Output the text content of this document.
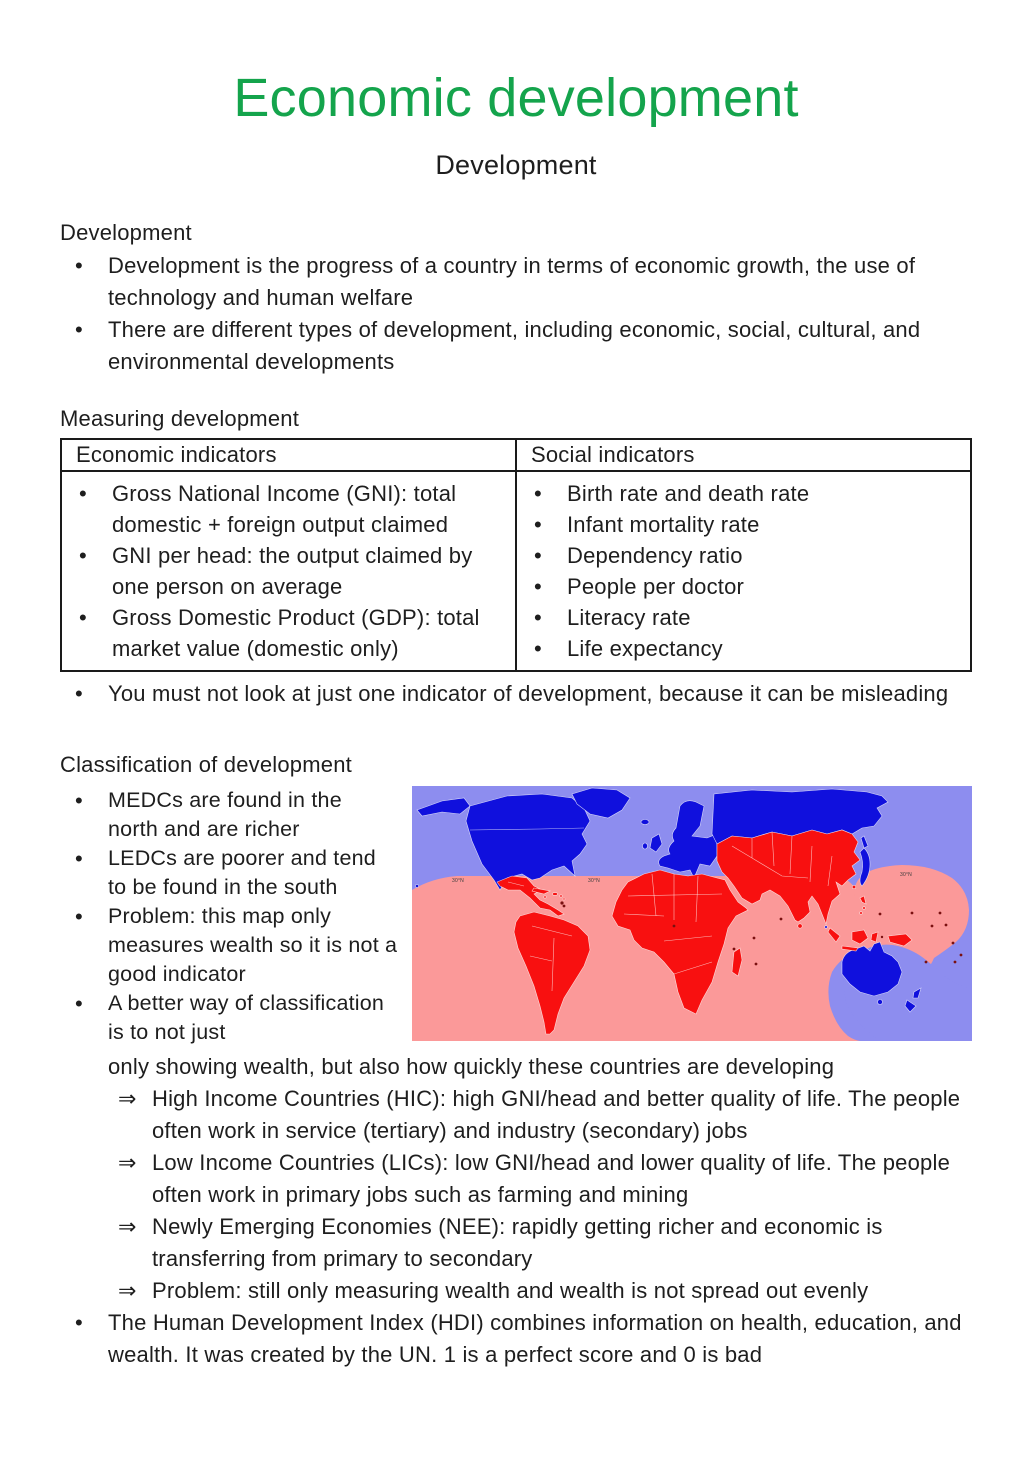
Economic development
Development
Development
• Development is the progress of a country in terms of economic growth, the use of technology and human welfare
• There are different types of development, including economic, social, cultural, and environmental developments
Measuring development
Economic indicators	Social indicators

• Gross National Income (GNI): total domestic + foreign output claimed
• GNI per head: the output claimed by one person on average
• Gross Domestic Product (GDP): total market value (domestic only)

• Birth rate and death rate
• Infant mortality rate
• Dependency ratio
• People per doctor
• Literacy rate
• Life expectancy
• You must not look at just one indicator of development, because it can be misleading
Classification of development
• MEDCs are found in the north and are richer
• LEDCs are poorer and tend to be found in the south
• Problem: this map only measures wealth so it is not a good indicator
• A better way of classification is to not just
30°N	30°N
30°N
only showing wealth, but also how quickly these countries are developing
⇒ High Income Countries (HIC): high GNI/head and better quality of life. The people often work in service (tertiary) and industry (secondary) jobs
⇒ Low Income Countries (LICs): low GNI/head and lower quality of life. The people often work in primary jobs such as farming and mining
⇒ Newly Emerging Economies (NEE): rapidly getting richer and economic is transferring from primary to secondary
⇒ Problem: still only measuring wealth and wealth is not spread out evenly
• The Human Development Index (HDI) combines information on health, education, and wealth. It was created by the UN. 1 is a perfect score and 0 is bad
